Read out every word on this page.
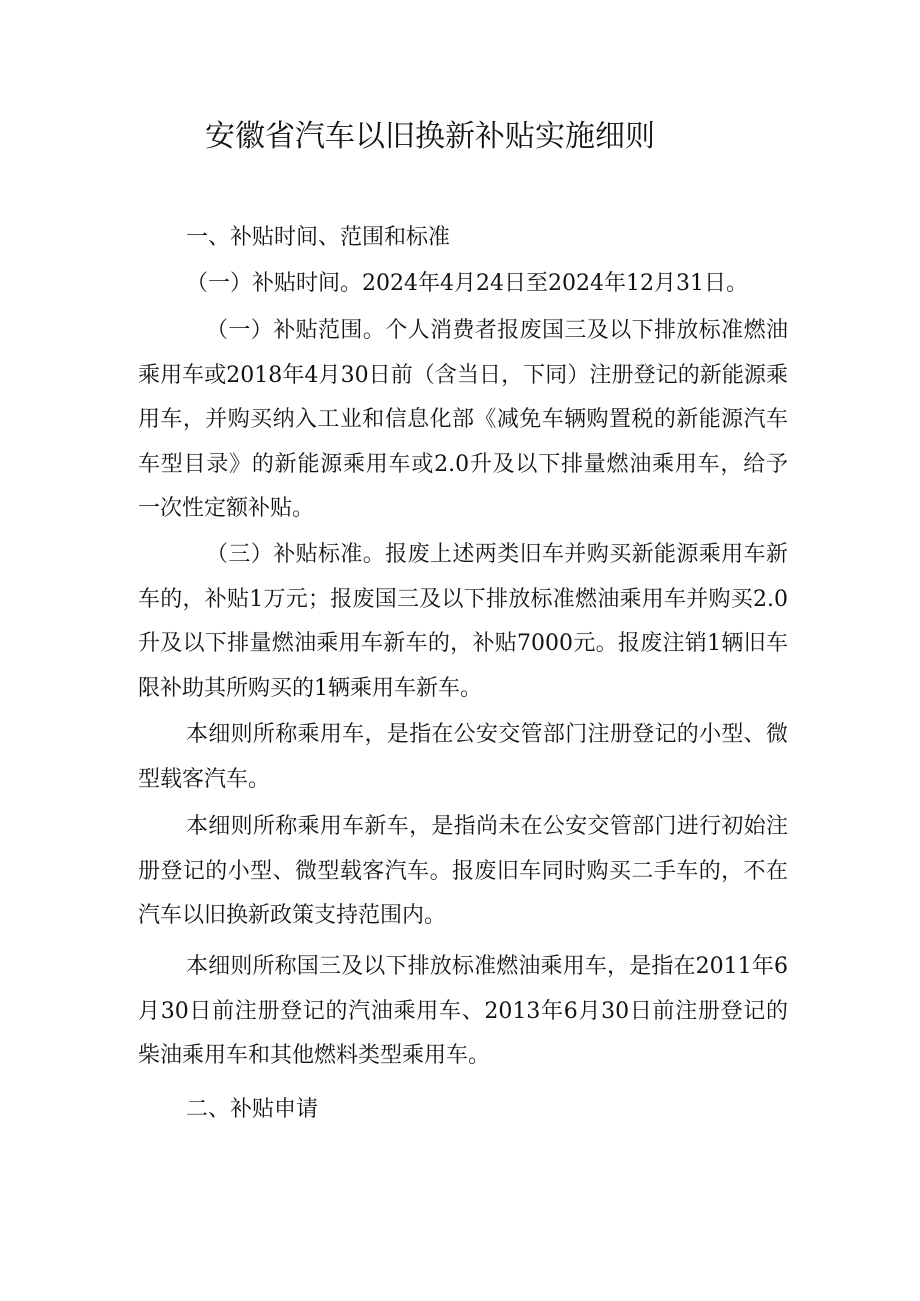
安徽省汽车以旧换新补贴实施细则

一、补贴时间、范围和标准

（一）补贴时间。2024年4月24日至2024年12月31日。

（一）补贴范围。个人消费者报废国三及以下排放标准燃油乘用车或2018年4月30日前（含当日，下同）注册登记的新能源乘用车，并购买纳入工业和信息化部《减免车辆购置税的新能源汽车车型目录》的新能源乘用车或2.0升及以下排量燃油乘用车，给予一次性定额补贴。

（三）补贴标准。报废上述两类旧车并购买新能源乘用车新车的，补贴1万元；报废国三及以下排放标准燃油乘用车并购买2.0升及以下排量燃油乘用车新车的，补贴7000元。报废注销1辆旧车限补助其所购买的1辆乘用车新车。

本细则所称乘用车，是指在公安交管部门注册登记的小型、微型载客汽车。

本细则所称乘用车新车，是指尚未在公安交管部门进行初始注册登记的小型、微型载客汽车。报废旧车同时购买二手车的，不在汽车以旧换新政策支持范围内。

本细则所称国三及以下排放标准燃油乘用车，是指在2011年6月30日前注册登记的汽油乘用车、2013年6月30日前注册登记的柴油乘用车和其他燃料类型乘用车。

二、补贴申请
